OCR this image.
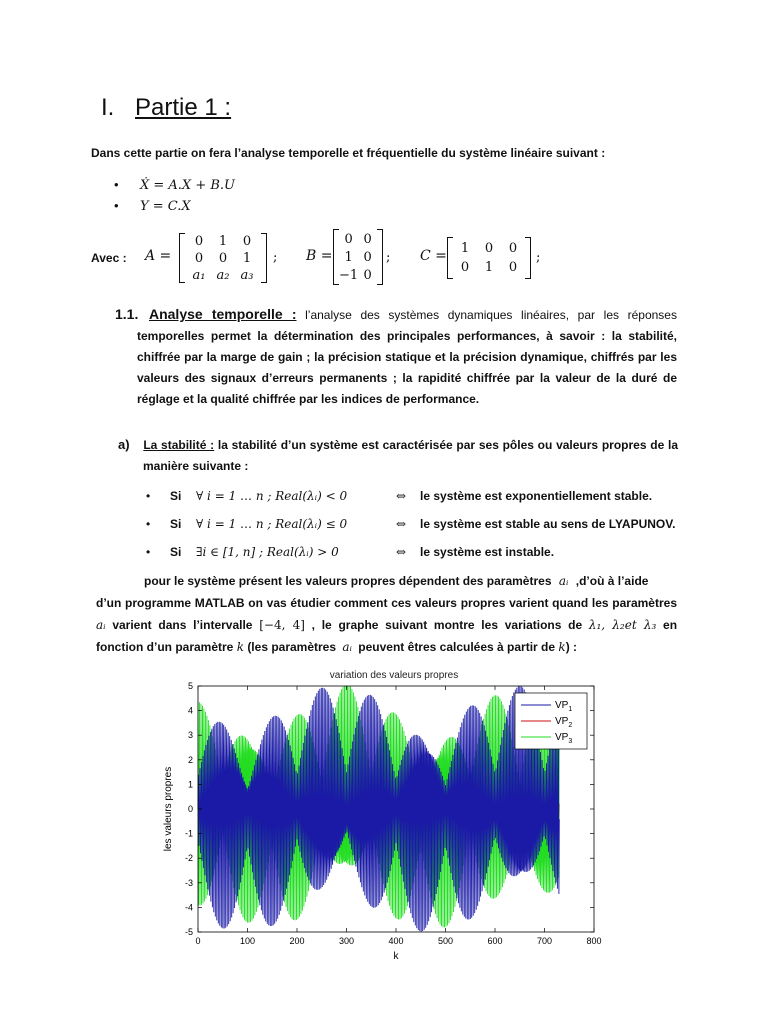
I. Partie 1 :
Dans cette partie on fera l’analyse temporelle et fréquentielle du système linéaire suivant :
• Ẋ = A.X + B.U
• Y = C.X
Avec : A =
0	1	0
0	0	1
a₁ a₂ a₃
; B =
0 0
1 0
−1 0
; C =	1	0	0
0	1	0
;
1.1. Analyse temporelle : l’analyse des systèmes dynamiques linéaires, par les réponses
temporelles permet la détermination des principales performances, à savoir : la stabilité,
chiffrée par la marge de gain ; la précision statique et la précision dynamique, chiffrés par les
valeurs des signaux d’erreurs permanents ; la rapidité chiffrée par la valeur de la duré de
réglage et la qualité chiffrée par les indices de performance.
a) La stabilité : la stabilité d’un système est caractérisée par ses pôles ou valeurs propres de la
manière suivante :
•	Si	∀ i = 1 … n ; Real(λᵢ) < 0	⇔	le système est exponentiellement stable.
•	Si	∀ i = 1 … n ; Real(λᵢ) ≤ 0	⇔	le système est stable au sens de LYAPUNOV.
•	Si	∃i ∈ [1, n] ; Real(λᵢ) > 0	⇔	le système est instable.
pour le système présent les valeurs propres dépendent des paramètres aᵢ ,d’où à l’aide
d’un programme MATLAB on vas étudier comment ces valeurs propres varient quand les paramètres
aᵢ varient dans l’intervalle [−4, 4] , le graphe suivant montre les variations de λ₁, λ₂et λ₃ en
fonction d’un paramètre k (les paramètres aᵢ peuvent êtres calculées à partir de k) :
variation des valeurs propres
5
4
3
2
1
0
-1
-2
-3
-4
-5
0	100	200	300	400	500	600	700	800
k
les valeurs propres
$VP_1$
$VP_2$
$VP_3$
